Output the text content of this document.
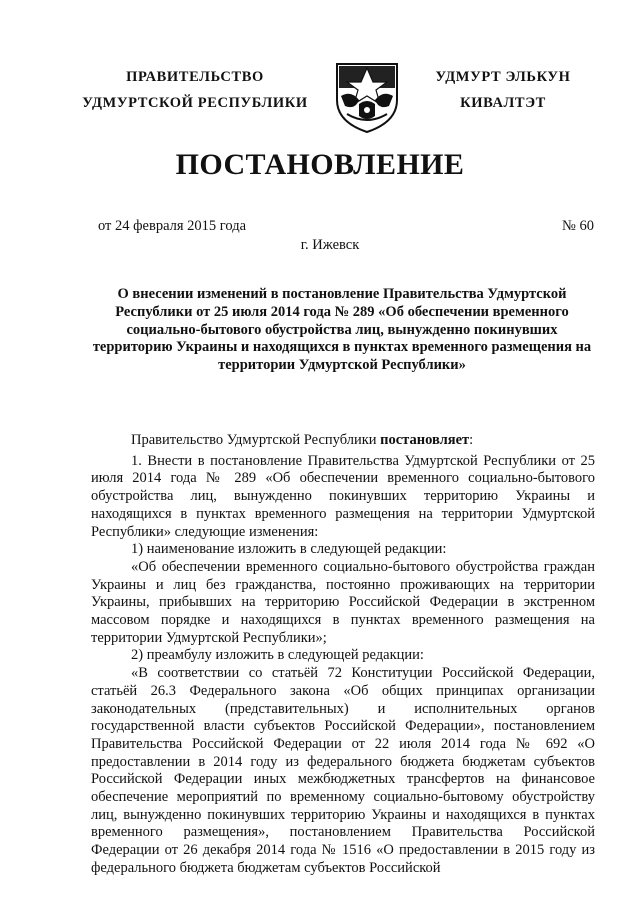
ПРАВИТЕЛЬСТВО
УДМУРТСКОЙ РЕСПУБЛИКИ
УДМУРТ ЭЛЬКУН
КИВАЛТЭТ
ПОСТАНОВЛЕНИЕ
от 24 февраля 2015 года	№ 60
г. Ижевск
О внесении изменений в постановление Правительства Удмуртской Республики от 25 июля 2014 года № 289 «Об обеспечении временного социально-бытового обустройства лиц, вынужденно покинувших территорию Украины и находящихся в пунктах временного размещения на территории Удмуртской Республики»

Правительство Удмуртской Республики постановляет:

1. Внести в постановление Правительства Удмуртской Республики от 25 июля 2014 года № 289 «Об обеспечении временного социально-бытового обустройства лиц, вынужденно покинувших территорию Украины и находящихся в пунктах временного размещения на территории Удмуртской Республики» следующие изменения:

1) наименование изложить в следующей редакции:

«Об обеспечении временного социально-бытового обустройства граждан Украины и лиц без гражданства, постоянно проживающих на территории Украины, прибывших на территорию Российской Федерации в экстренном массовом порядке и находящихся в пунктах временного размещения на территории Удмуртской Республики»;

2) преамбулу изложить в следующей редакции:

«В соответствии со статьёй 72 Конституции Российской Федерации, статьёй 26.3 Федерального закона «Об общих принципах организации законодательных (представительных) и исполнительных органов государственной власти субъектов Российской Федерации», постановлением Правительства Российской Федерации от 22 июля 2014 года № 692 «О предоставлении в 2014 году из федерального бюджета бюджетам субъектов Российской Федерации иных межбюджетных трансфертов на финансовое обеспечение мероприятий по временному социально-бытовому обустройству лиц, вынужденно покинувших территорию Украины и находящихся в пунктах временного размещения», постановлением Правительства Российской Федерации от 26 декабря 2014 года № 1516 «О предоставлении в 2015 году из федерального бюджета бюджетам субъектов Российской
